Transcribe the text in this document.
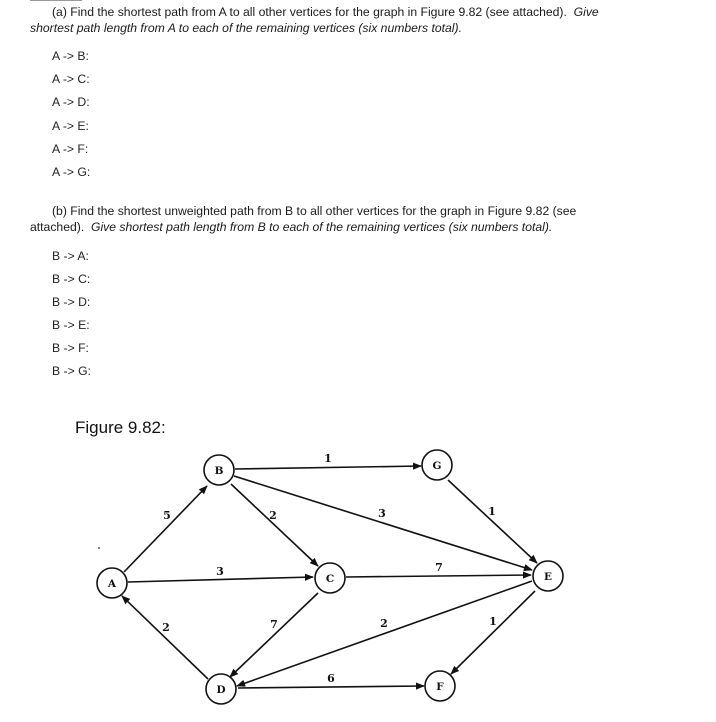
(a) Find the shortest path from A to all other vertices for the graph in Figure 9.82 (see attached). Give
shortest path length from A to each of the remaining vertices (six numbers total).
A -> B:
A -> C:
A -> D:
A -> E:
A -> F:
A -> G:
(b) Find the shortest unweighted path from B to all other vertices for the graph in Figure 9.82 (see
attached). Give shortest path length from B to each of the remaining vertices (six numbers total).
B -> A:
B -> C:
B -> D:
B -> E:
B -> F:
B -> G:
Figure 9.82:
A
B
C
D
E
F
G
5
3
2
1
2	3	1
7
7	2	1
6
